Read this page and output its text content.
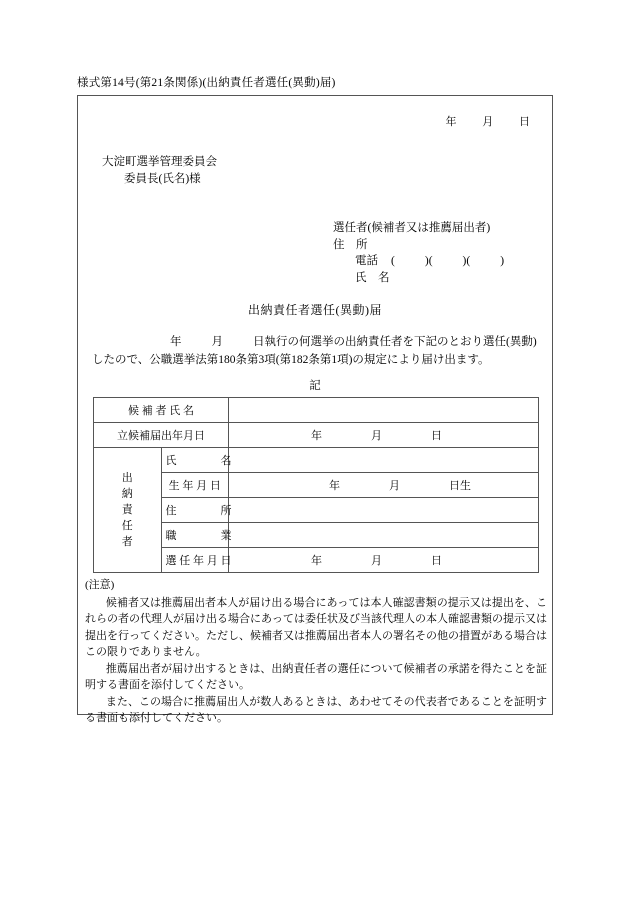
様式第14号(第21条関係)(出納責任者選任(異動)届)
年 月 日
大淀町選挙管理委員会
委員長(氏名)様
選任者(候補者又は推薦届出者)
住　所
電話 (	)(	)(	)
氏　名
出納責任者選任(異動)届
年	月	日執行の何選挙の出納責任者を下記のとおり選任(異動)したので、公職選挙法第180条第3項(第182条第1項)の規定により届け出ます。
記
候 補 者 氏 名		
立候補届出年月日		年 月 日

出
納
責
任
者	氏　　　　名	
	生 年 月 日	年 月 日生
	住　　　　所	
	職　　　　業	
	選 任 年 月 日	年 月 日
(注意)

候補者又は推薦届出者本人が届け出る場合にあっては本人確認書類の提示又は提出を、これらの者の代理人が届け出る場合にあっては委任状及び当該代理人の本人確認書類の提示又は提出を行ってください。ただし、候補者又は推薦届出者本人の署名その他の措置がある場合はこの限りでありません。

推薦届出者が届け出するときは、出納責任者の選任について候補者の承諾を得たことを証明する書面を添付してください。

また、この場合に推薦届出人が数人あるときは、あわせてその代表者であることを証明する書面も添付してください。
